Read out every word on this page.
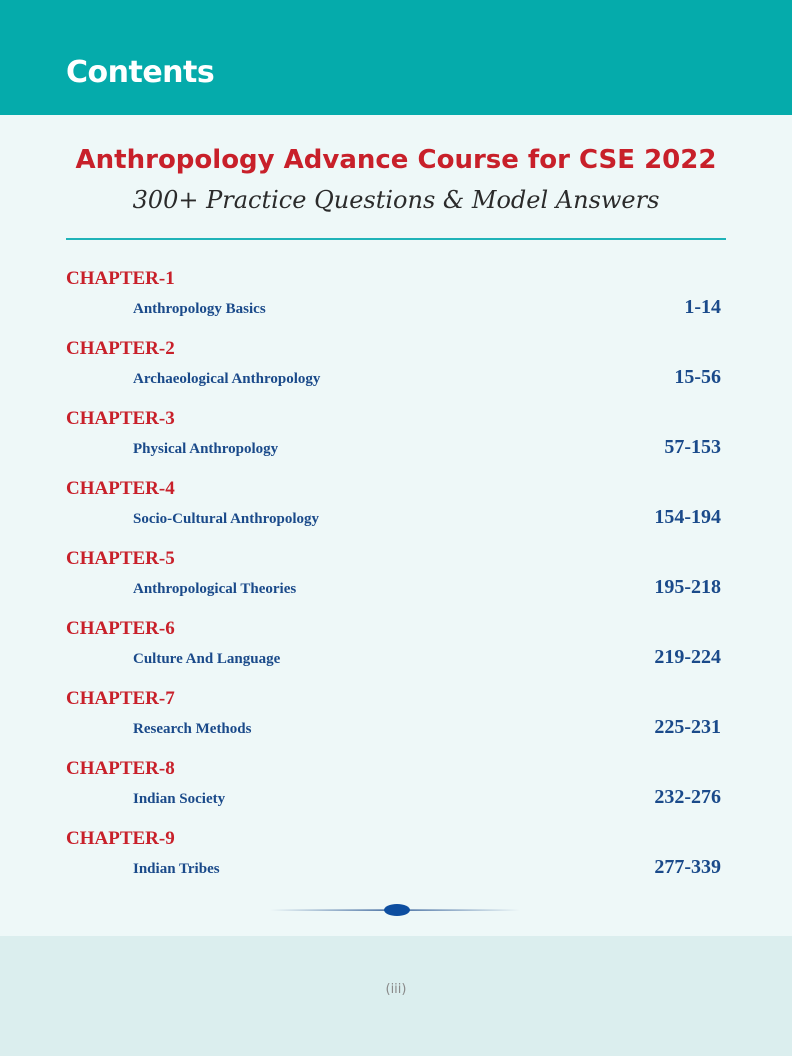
Contents
Anthropology Advance Course for CSE 2022
300+ Practice Questions & Model Answers
CHAPTER-1
Anthropology Basics	1-14
CHAPTER-2
Archaeological Anthropology	15-56
CHAPTER-3
Physical Anthropology	57-153
CHAPTER-4
Socio-Cultural Anthropology	154-194
CHAPTER-5
Anthropological Theories	195-218
CHAPTER-6
Culture And Language	219-224
CHAPTER-7
Research Methods	225-231
CHAPTER-8
Indian Society	232-276
CHAPTER-9
Indian Tribes	277-339
(iii)
